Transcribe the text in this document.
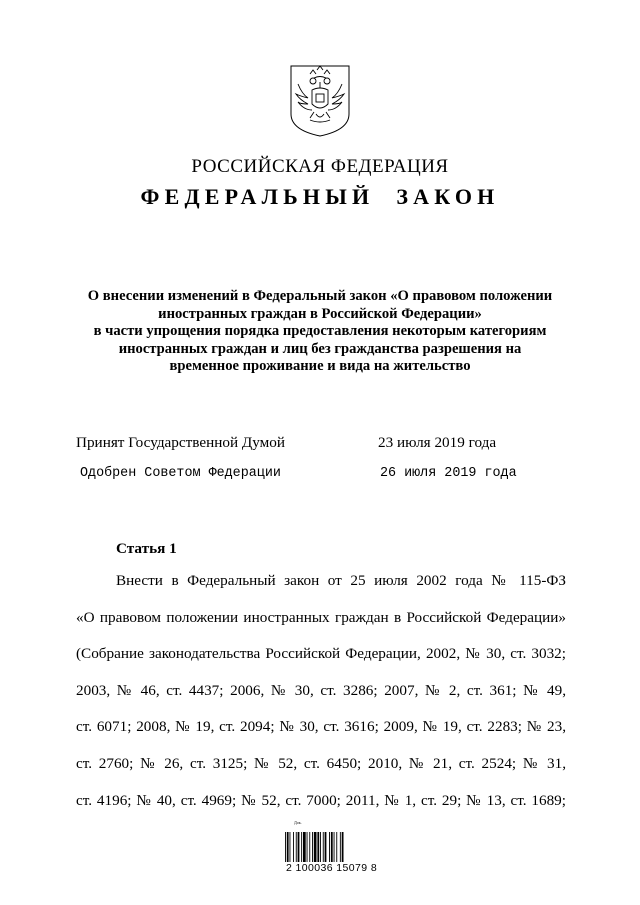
РОССИЙСКАЯ ФЕДЕРАЦИЯ
ФЕДЕРАЛЬНЫЙ ЗАКОН
О внесении изменений в Федеральный закон «О правовом положении
иностранных граждан в Российской Федерации»
в части упрощения порядка предоставления некоторым категориям
иностранных граждан и лиц без гражданства разрешения на
временное проживание и вида на жительство
Принят Государственной Думой	23 июля 2019 года
Одобрен Советом Федерации	26 июля 2019 года
Статья 1
Внести в Федеральный закон от 25 июля 2002 года № 115-ФЗ
«О правовом положении иностранных граждан в Российской Федерации»
(Собрание законодательства Российской Федерации, 2002, № 30, ст. 3032;
2003, № 46, ст. 4437; 2006, № 30, ст. 3286; 2007, № 2, ст. 361; № 49,
ст. 6071; 2008, № 19, ст. 2094; № 30, ст. 3616; 2009, № 19, ст. 2283; № 23,
ст. 2760; № 26, ст. 3125; № 52, ст. 6450; 2010, № 21, ст. 2524; № 31,
ст. 4196; № 40, ст. 4969; № 52, ст. 7000; 2011, № 1, ст. 29; № 13, ст. 1689;
Док.
2 100036 15079 8
